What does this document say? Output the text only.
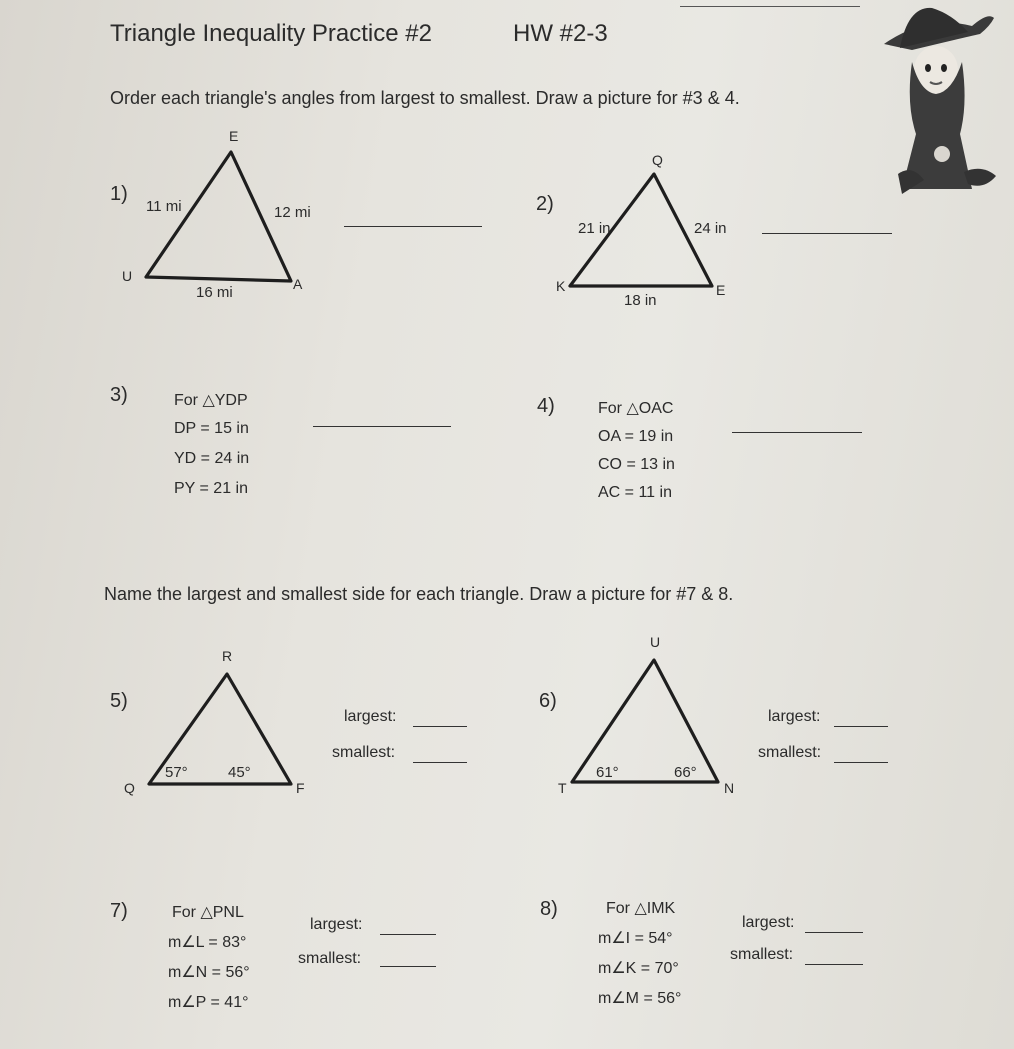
Triangle Inequality Practice #2	HW #2-3
Order each triangle's angles from largest to smallest. Draw a picture for #3 & 4.
1)
E
U	A
11 mi	12 mi
16 mi
2)
Q
K	E
21 in	24 in
18 in
3)	For △YDP
DP = 15 in
YD = 24 in
PY = 21 in
4)	For △OAC
OA = 19 in
CO = 13 in
AC = 11 in
Name the largest and smallest side for each triangle. Draw a picture for #7 & 8.
5)
R
Q	F
57°	45°
largest:
smallest:
6)
U
T	N
61°	66°
largest:
smallest:
7)	For △PNL
m∠L = 83°
m∠N = 56°
m∠P = 41°
largest:
smallest:
8)	For △IMK
m∠I = 54°
m∠K = 70°
m∠M = 56°
largest:
smallest:
